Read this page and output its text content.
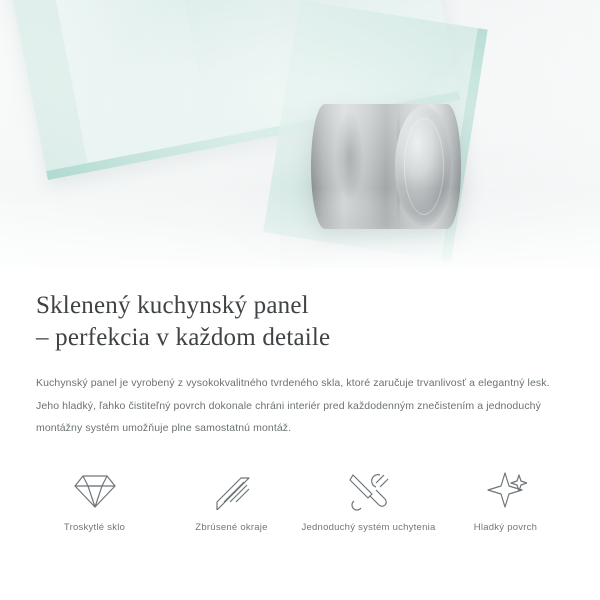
Sklenený kuchynský panel
– perfekcia v každom detaile

Kuchynský panel je vyrobený z vysokokvalitného tvrdeného skla, ktoré zaručuje trvanlivosť a elegantný lesk. Jeho hladký, ľahko čistiteľný povrch dokonale chráni interiér pred každodenným znečistením a jednoduchý montážny systém umožňuje plne samostatnú montáž.

Troskytlé sklo	Zbrúsené okraje	Jednoduchý systém uchytenia	Hladký povrch
